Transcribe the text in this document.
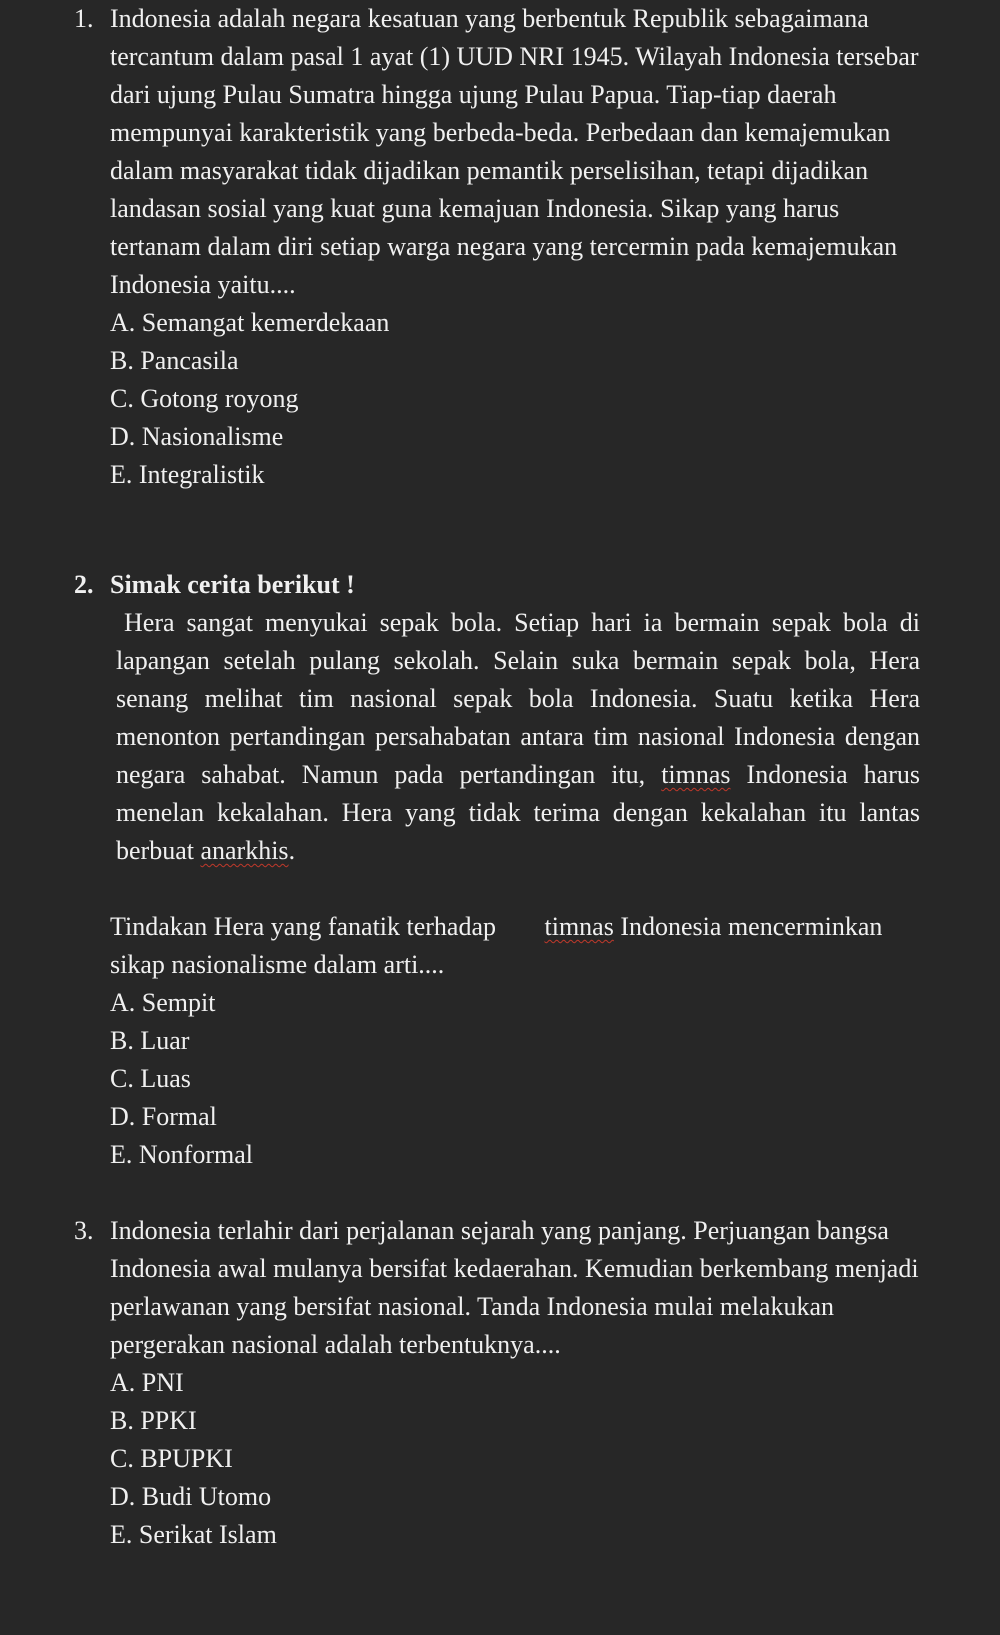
1. Indonesia adalah negara kesatuan yang berbentuk Republik sebagaimana tercantum dalam pasal 1 ayat (1) UUD NRI 1945. Wilayah Indonesia tersebar dari ujung Pulau Sumatra hingga ujung Pulau Papua. Tiap-tiap daerah mempunyai karakteristik yang berbeda-beda. Perbedaan dan kemajemukan dalam masyarakat tidak dijadikan pemantik perselisihan, tetapi dijadikan landasan sosial yang kuat guna kemajuan Indonesia. Sikap yang harus tertanam dalam diri setiap warga negara yang tercermin pada kemajemukan Indonesia yaitu....

A. Semangat kemerdekaan
B. Pancasila
C. Gotong royong
D. Nasionalisme
E. Integralistik

2. Simak cerita berikut !

Hera sangat menyukai sepak bola. Setiap hari ia bermain sepak bola di lapangan setelah pulang sekolah. Selain suka bermain sepak bola, Hera senang melihat tim nasional sepak bola Indonesia. Suatu ketika Hera menonton pertandingan persahabatan antara tim nasional Indonesia dengan negara sahabat. Namun pada pertandingan itu, timnas Indonesia harus menelan kekalahan. Hera yang tidak terima dengan kekalahan itu lantas berbuat anarkhis.

Tindakan Hera yang fanatik terhadap timnas Indonesia mencerminkan sikap nasionalisme dalam arti....

A. Sempit
B. Luar
C. Luas
D. Formal
E. Nonformal

3. Indonesia terlahir dari perjalanan sejarah yang panjang. Perjuangan bangsa Indonesia awal mulanya bersifat kedaerahan. Kemudian berkembang menjadi perlawanan yang bersifat nasional. Tanda Indonesia mulai melakukan pergerakan nasional adalah terbentuknya....

A. PNI
B. PPKI
C. BPUPKI
D. Budi Utomo
E. Serikat Islam
